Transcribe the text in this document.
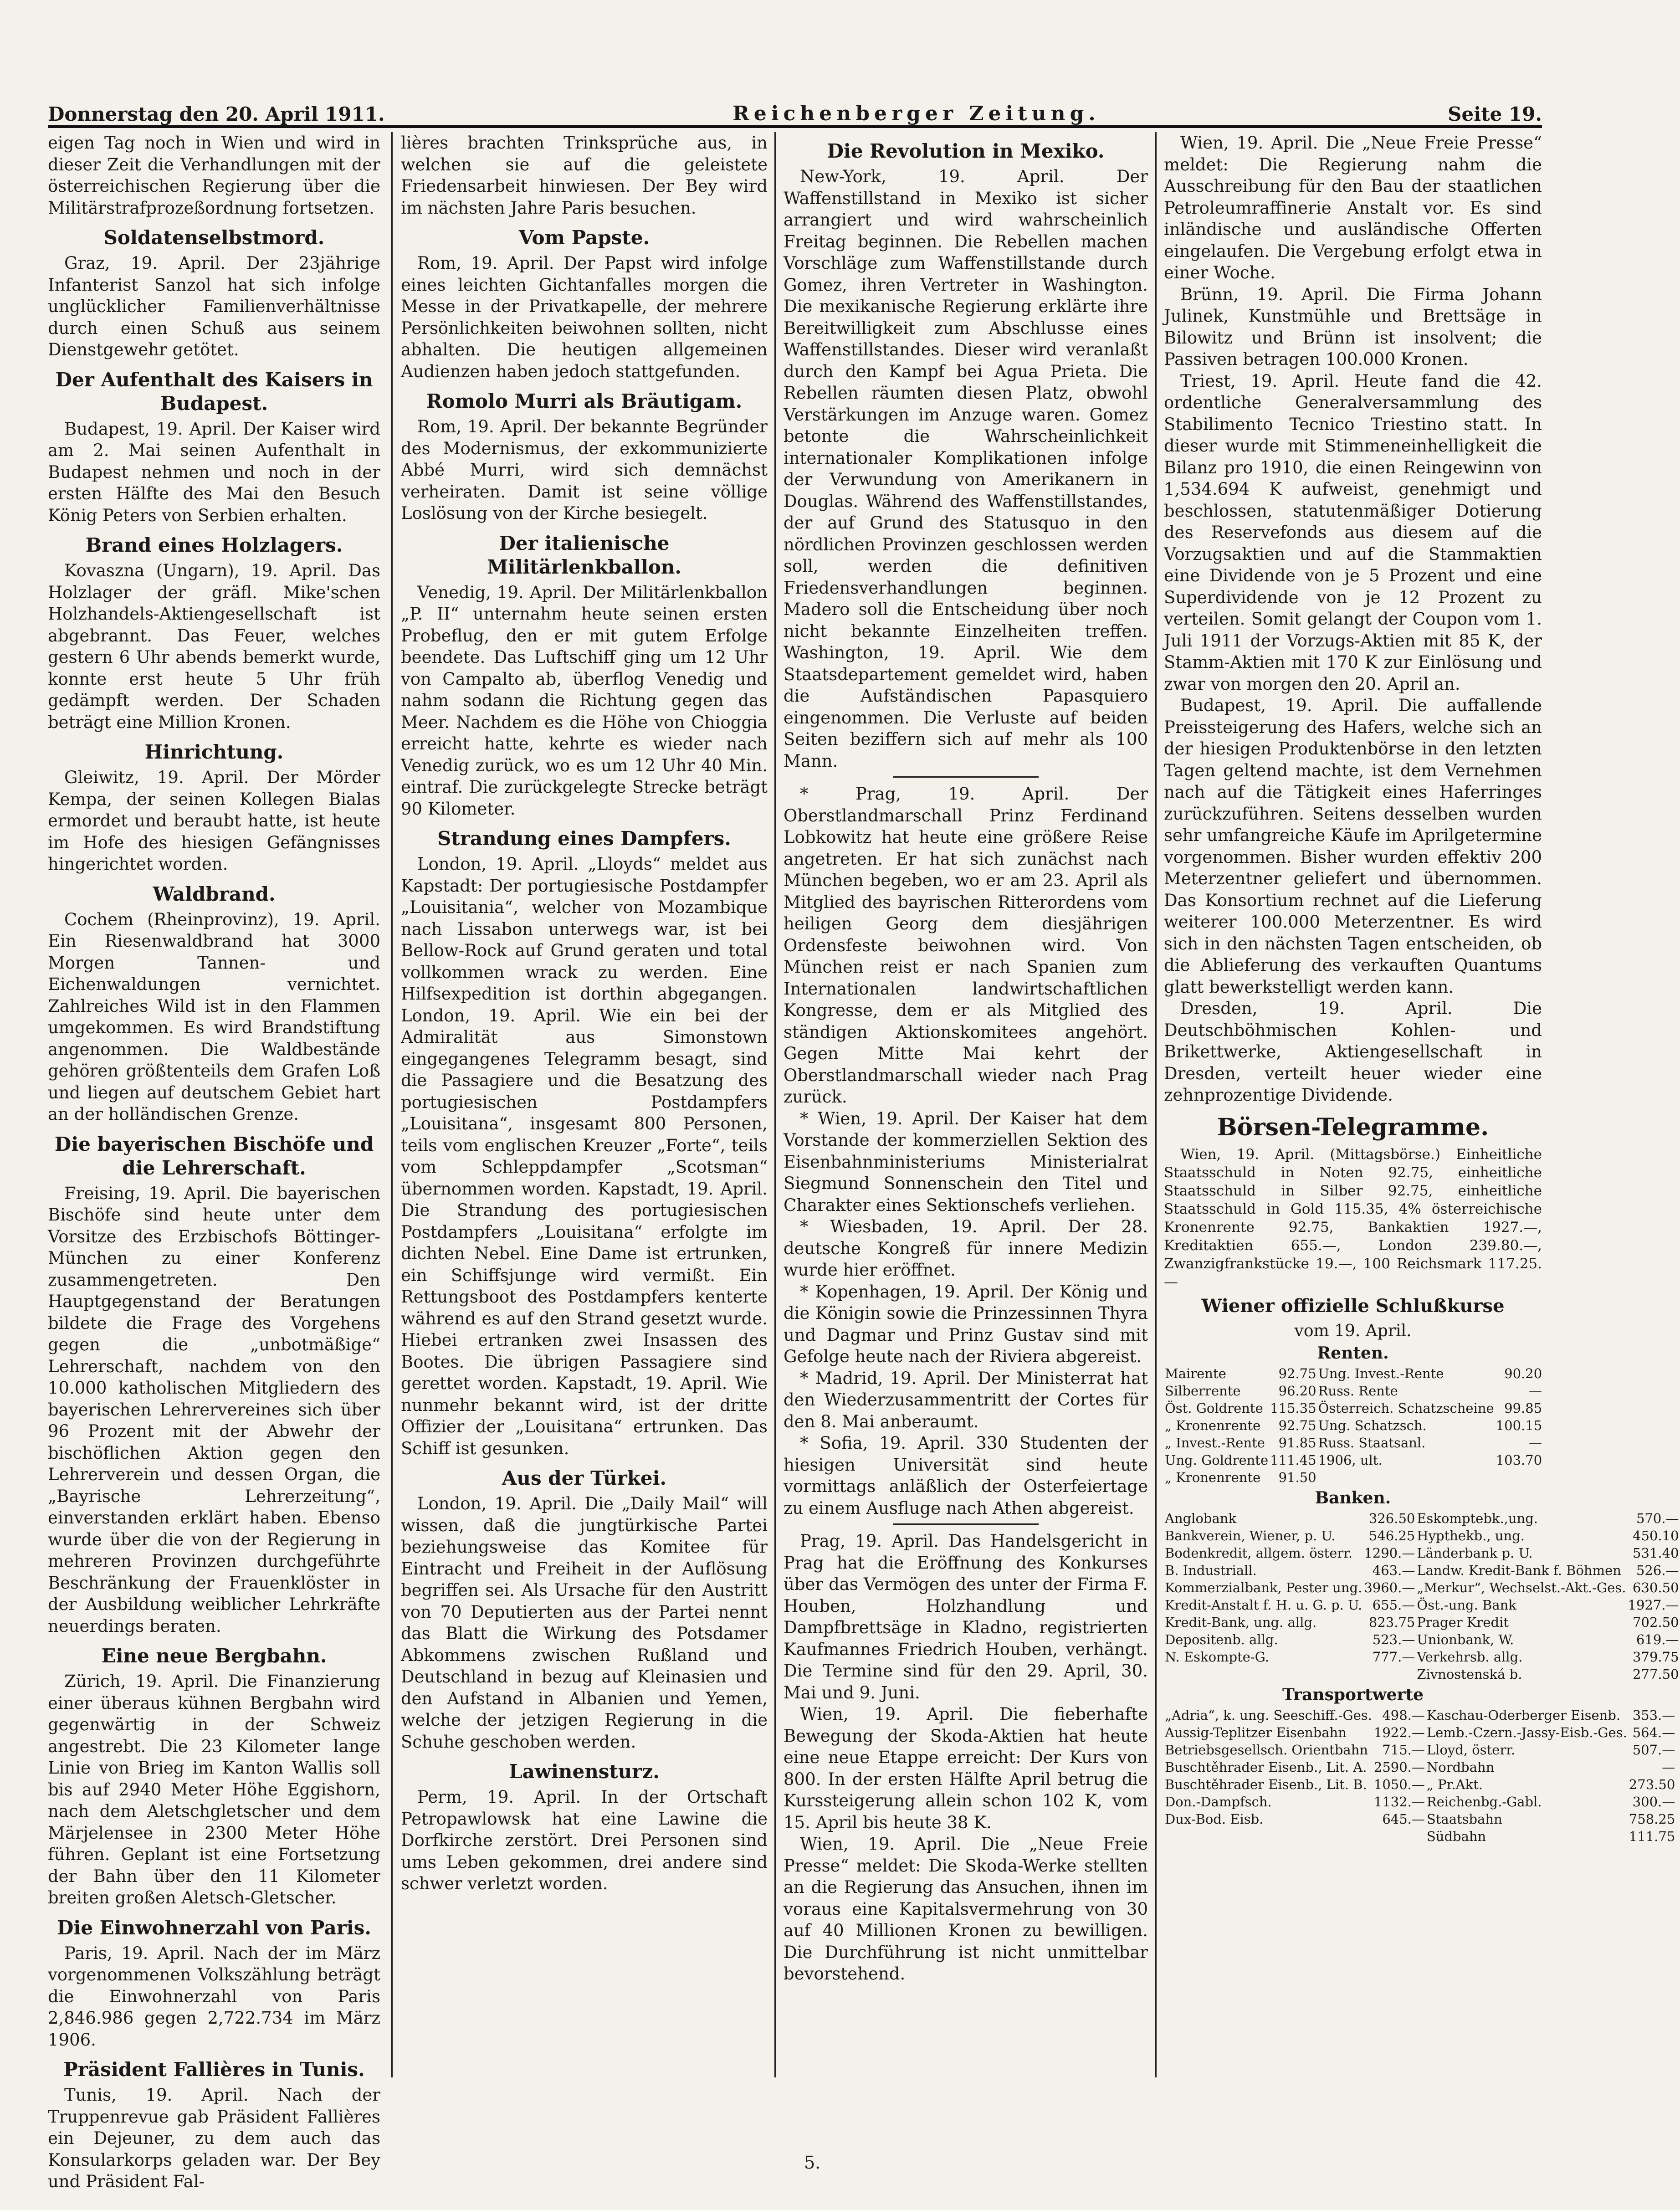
Donnerstag den 20. April 1911.	Reichenberger Zeitung.	Seite 19.

eigen Tag noch in Wien und wird in dieser Zeit die Verhandlungen mit der österreichischen Regierung über die Militärstrafprozeßordnung fortsetzen.

Soldatenselbstmord.

Graz, 19. April. Der 23jährige Infanterist Sanzol hat sich infolge unglücklicher Familienverhältnisse durch einen Schuß aus seinem Dienstgewehr getötet.

Der Aufenthalt des Kaisers in Budapest.

Budapest, 19. April. Der Kaiser wird am 2. Mai seinen Aufenthalt in Budapest nehmen und noch in der ersten Hälfte des Mai den Besuch König Peters von Serbien erhalten.

Brand eines Holzlagers.

Kovaszna (Ungarn), 19. April. Das Holzlager der gräfl. Mike'schen Holzhandels-Aktiengesellschaft ist abgebrannt. Das Feuer, welches gestern 6 Uhr abends bemerkt wurde, konnte erst heute 5 Uhr früh gedämpft werden. Der Schaden beträgt eine Million Kronen.

Hinrichtung.

Gleiwitz, 19. April. Der Mörder Kempa, der seinen Kollegen Bialas ermordet und beraubt hatte, ist heute im Hofe des hiesigen Gefängnisses hingerichtet worden.

Waldbrand.

Cochem (Rheinprovinz), 19. April. Ein Riesenwaldbrand hat 3000 Morgen Tannen- und Eichenwaldungen vernichtet. Zahlreiches Wild ist in den Flammen umgekommen. Es wird Brandstiftung angenommen. Die Waldbestände gehören größtenteils dem Grafen Loß und liegen auf deutschem Gebiet hart an der holländischen Grenze.

Die bayerischen Bischöfe und die Lehrerschaft.

Freising, 19. April. Die bayerischen Bischöfe sind heute unter dem Vorsitze des Erzbischofs Böttinger-München zu einer Konferenz zusammengetreten. Den Hauptgegenstand der Beratungen bildete die Frage des Vorgehens gegen die „unbotmäßige“ Lehrerschaft, nachdem von den 10.000 katholischen Mitgliedern des bayerischen Lehrervereines sich über 96 Prozent mit der Abwehr der bischöflichen Aktion gegen den Lehrerverein und dessen Organ, die „Bayrische Lehrerzeitung“, einverstanden erklärt haben. Ebenso wurde über die von der Regierung in mehreren Provinzen durchgeführte Beschränkung der Frauenklöster in der Ausbildung weiblicher Lehrkräfte neuerdings beraten.

Eine neue Bergbahn.

Zürich, 19. April. Die Finanzierung einer überaus kühnen Bergbahn wird gegenwärtig in der Schweiz angestrebt. Die 23 Kilometer lange Linie von Brieg im Kanton Wallis soll bis auf 2940 Meter Höhe Eggishorn, nach dem Aletschgletscher und dem Märjelensee in 2300 Meter Höhe führen. Geplant ist eine Fortsetzung der Bahn über den 11 Kilometer breiten großen Aletsch-Gletscher.

Die Einwohnerzahl von Paris.

Paris, 19. April. Nach der im März vorgenommenen Volkszählung beträgt die Einwohnerzahl von Paris 2,846.986 gegen 2,722.734 im März 1906.

Präsident Fallières in Tunis.

Tunis, 19. April. Nach der Truppenrevue gab Präsident Fallières ein Dejeuner, zu dem auch das Konsularkorps geladen war. Der Bey und Präsident Fal-

lières brachten Trinksprüche aus, in welchen sie auf die geleistete Friedensarbeit hinwiesen. Der Bey wird im nächsten Jahre Paris besuchen.

Vom Papste.

Rom, 19. April. Der Papst wird infolge eines leichten Gichtanfalles morgen die Messe in der Privatkapelle, der mehrere Persönlichkeiten beiwohnen sollten, nicht abhalten. Die heutigen allgemeinen Audienzen haben jedoch stattgefunden.

Romolo Murri als Bräutigam.

Rom, 19. April. Der bekannte Begründer des Modernismus, der exkommunizierte Abbé Murri, wird sich demnächst verheiraten. Damit ist seine völlige Loslösung von der Kirche besiegelt.

Der italienische Militärlenkballon.

Venedig, 19. April. Der Militärlenkballon „P. II“ unternahm heute seinen ersten Probeflug, den er mit gutem Erfolge beendete. Das Luftschiff ging um 12 Uhr von Campalto ab, überflog Venedig und nahm sodann die Richtung gegen das Meer. Nachdem es die Höhe von Chioggia erreicht hatte, kehrte es wieder nach Venedig zurück, wo es um 12 Uhr 40 Min. eintraf. Die zurückgelegte Strecke beträgt 90 Kilometer.

Strandung eines Dampfers.

London, 19. April. „Lloyds“ meldet aus Kapstadt: Der portugiesische Postdampfer „Louisitania“, welcher von Mozambique nach Lissabon unterwegs war, ist bei Bellow-Rock auf Grund geraten und total vollkommen wrack zu werden. Eine Hilfsexpedition ist dorthin abgegangen. London, 19. April. Wie ein bei der Admiralität aus Simonstown eingegangenes Telegramm besagt, sind die Passagiere und die Besatzung des portugiesischen Postdampfers „Louisitana“, insgesamt 800 Personen, teils vom englischen Kreuzer „Forte“, teils vom Schleppdampfer „Scotsman“ übernommen worden. Kapstadt, 19. April. Die Strandung des portugiesischen Postdampfers „Louisitana“ erfolgte im dichten Nebel. Eine Dame ist ertrunken, ein Schiffsjunge wird vermißt. Ein Rettungsboot des Postdampfers kenterte während es auf den Strand gesetzt wurde. Hiebei ertranken zwei Insassen des Bootes. Die übrigen Passagiere sind gerettet worden. Kapstadt, 19. April. Wie nunmehr bekannt wird, ist der dritte Offizier der „Louisitana“ ertrunken. Das Schiff ist gesunken.

Aus der Türkei.

London, 19. April. Die „Daily Mail“ will wissen, daß die jungtürkische Partei beziehungsweise das Komitee für Eintracht und Freiheit in der Auflösung begriffen sei. Als Ursache für den Austritt von 70 Deputierten aus der Partei nennt das Blatt die Wirkung des Potsdamer Abkommens zwischen Rußland und Deutschland in bezug auf Kleinasien und den Aufstand in Albanien und Yemen, welche der jetzigen Regierung in die Schuhe geschoben werden.

Lawinensturz.

Perm, 19. April. In der Ortschaft Petropawlowsk hat eine Lawine die Dorfkirche zerstört. Drei Personen sind ums Leben gekommen, drei andere sind schwer verletzt worden.

Die Revolution in Mexiko.

New-York, 19. April. Der Waffenstillstand in Mexiko ist sicher arrangiert und wird wahrscheinlich Freitag beginnen. Die Rebellen machen Vorschläge zum Waffenstillstande durch Gomez, ihren Vertreter in Washington. Die mexikanische Regierung erklärte ihre Bereitwilligkeit zum Abschlusse eines Waffenstillstandes. Dieser wird veranlaßt durch den Kampf bei Agua Prieta. Die Rebellen räumten diesen Platz, obwohl Verstärkungen im Anzuge waren. Gomez betonte die Wahrscheinlichkeit internationaler Komplikationen infolge der Verwundung von Amerikanern in Douglas. Während des Waffenstillstandes, der auf Grund des Statusquo in den nördlichen Provinzen geschlossen werden soll, werden die definitiven Friedensverhandlungen beginnen. Madero soll die Entscheidung über noch nicht bekannte Einzelheiten treffen. Washington, 19. April. Wie dem Staatsdepartement gemeldet wird, haben die Aufständischen Papasquiero eingenommen. Die Verluste auf beiden Seiten beziffern sich auf mehr als 100 Mann.

* Prag, 19. April. Der Oberstlandmarschall Prinz Ferdinand Lobkowitz hat heute eine größere Reise angetreten. Er hat sich zunächst nach München begeben, wo er am 23. April als Mitglied des bayrischen Ritterordens vom heiligen Georg dem diesjährigen Ordensfeste beiwohnen wird. Von München reist er nach Spanien zum Internationalen landwirtschaftlichen Kongresse, dem er als Mitglied des ständigen Aktionskomitees angehört. Gegen Mitte Mai kehrt der Oberstlandmarschall wieder nach Prag zurück.

* Wien, 19. April. Der Kaiser hat dem Vorstande der kommerziellen Sektion des Eisenbahnministeriums Ministerialrat Siegmund Sonnenschein den Titel und Charakter eines Sektionschefs verliehen.

* Wiesbaden, 19. April. Der 28. deutsche Kongreß für innere Medizin wurde hier eröffnet.

* Kopenhagen, 19. April. Der König und die Königin sowie die Prinzessinnen Thyra und Dagmar und Prinz Gustav sind mit Gefolge heute nach der Riviera abgereist.

* Madrid, 19. April. Der Ministerrat hat den Wiederzusammentritt der Cortes für den 8. Mai anberaumt.

* Sofia, 19. April. 330 Studenten der hiesigen Universität sind heute vormittags anläßlich der Osterfeiertage zu einem Ausfluge nach Athen abgereist.

Prag, 19. April. Das Handelsgericht in Prag hat die Eröffnung des Konkurses über das Vermögen des unter der Firma F. Houben, Holzhandlung und Dampfbrettsäge in Kladno, registrierten Kaufmannes Friedrich Houben, verhängt. Die Termine sind für den 29. April, 30. Mai und 9. Juni.

Wien, 19. April. Die fieberhafte Bewegung der Skoda-Aktien hat heute eine neue Etappe erreicht: Der Kurs von 800. In der ersten Hälfte April betrug die Kurssteigerung allein schon 102 K, vom 15. April bis heute 38 K.

Wien, 19. April. Die „Neue Freie Presse“ meldet: Die Skoda-Werke stellten an die Regierung das Ansuchen, ihnen im voraus eine Kapitalsvermehrung von 30 auf 40 Millionen Kronen zu bewilligen. Die Durchführung ist nicht unmittelbar bevorstehend.

Wien, 19. April. Die „Neue Freie Presse“ meldet: Die Regierung nahm die Ausschreibung für den Bau der staatlichen Petroleumraffinerie Anstalt vor. Es sind inländische und ausländische Offerten eingelaufen. Die Vergebung erfolgt etwa in einer Woche.

Brünn, 19. April. Die Firma Johann Julinek, Kunstmühle und Brettsäge in Bilowitz und Brünn ist insolvent; die Passiven betragen 100.000 Kronen.

Triest, 19. April. Heute fand die 42. ordentliche Generalversammlung des Stabilimento Tecnico Triestino statt. In dieser wurde mit Stimmeneinhelligkeit die Bilanz pro 1910, die einen Reingewinn von 1,534.694 K aufweist, genehmigt und beschlossen, statutenmäßiger Dotierung des Reservefonds aus diesem auf die Vorzugsaktien und auf die Stammaktien eine Dividende von je 5 Prozent und eine Superdividende von je 12 Prozent zu verteilen. Somit gelangt der Coupon vom 1. Juli 1911 der Vorzugs-Aktien mit 85 K, der Stamm-Aktien mit 170 K zur Einlösung und zwar von morgen den 20. April an.

Budapest, 19. April. Die auffallende Preissteigerung des Hafers, welche sich an der hiesigen Produktenbörse in den letzten Tagen geltend machte, ist dem Vernehmen nach auf die Tätigkeit eines Haferringes zurückzuführen. Seitens desselben wurden sehr umfangreiche Käufe im Aprilgetermine vorgenommen. Bisher wurden effektiv 200 Meterzentner geliefert und übernommen. Das Konsortium rechnet auf die Lieferung weiterer 100.000 Meterzentner. Es wird sich in den nächsten Tagen entscheiden, ob die Ablieferung des verkauften Quantums glatt bewerkstelligt werden kann.

Dresden, 19. April. Die Deutschböhmischen Kohlen- und Brikettwerke, Aktiengesellschaft in Dresden, verteilt heuer wieder eine zehnprozentige Dividende.

Börsen-Telegramme.

Wien, 19. April. (Mittagsbörse.) Einheitliche Staatsschuld in Noten 92.75, einheitliche Staatsschuld in Silber 92.75, einheitliche Staatsschuld in Gold 115.35, 4% österreichische Kronenrente 92.75, Bankaktien 1927.—, Kreditaktien 655.—, London 239.80.—, Zwanzigfrankstücke 19.—, 100 Reichsmark 117.25.—

Wiener offizielle Schlußkurse
vom 19. April.
Renten.
Mairente	92.75	Ung. Invest.-Rente	90.20
Silberrente	96.20	Russ. Rente	—
Öst. Goldrente	115.35	Österreich. Schatzscheine	99.85
„ Kronenrente	92.75	Ung. Schatzsch.	100.15
„ Invest.-Rente	91.85	Russ. Staatsanl.	—
Ung. Goldrente	111.45	1906, ult.	103.70
„ Kronenrente	91.50		
Banken.
Anglobank	326.50	Eskomptebk.,ung.	570.—
Bankverein, Wiener, p. U.	546.25	Hypthekb., ung.	450.10
Bodenkredit, allgem. österr.	1290.—	Länderbank p. U.	531.40
B. Industriall.	463.—	Landw. Kredit-Bank f. Böhmen	526.—
Kommerzialbank, Pester ung.	3960.—	„Merkur“, Wechselst.-Akt.-Ges.	630.50
Kredit-Anstalt f. H. u. G. p. U.	655.—	Öst.-ung. Bank	1927.—
Kredit-Bank, ung. allg.	823.75	Prager Kredit	702.50
Depositenb. allg.	523.—	Unionbank, W.	619.—
N. Eskompte-G.	777.—	Verkehrsb. allg.	379.75
		Zivnostenská b.	277.50
Transportwerte
„Adria“, k. ung. Seeschiff.-Ges.	498.—	Kaschau-Oderberger Eisenb.	353.—
Aussig-Teplitzer Eisenbahn	1922.—	Lemb.-Czern.-Jassy-Eisb.-Ges.	564.—
Betriebsgesellsch. Orientbahn	715.—	Lloyd, österr.	507.—
Buschtěhrader Eisenb., Lit. A.	2590.—	Nordbahn	—
Buschtěhrader Eisenb., Lit. B.	1050.—	„ Pr.Akt.	273.50
Don.-Dampfsch.	1132.—	Reichenbg.-Gabl.	300.—
Dux-Bod. Eisb.	645.—	Staatsbahn	758.25
		Südbahn	111.75
5.
